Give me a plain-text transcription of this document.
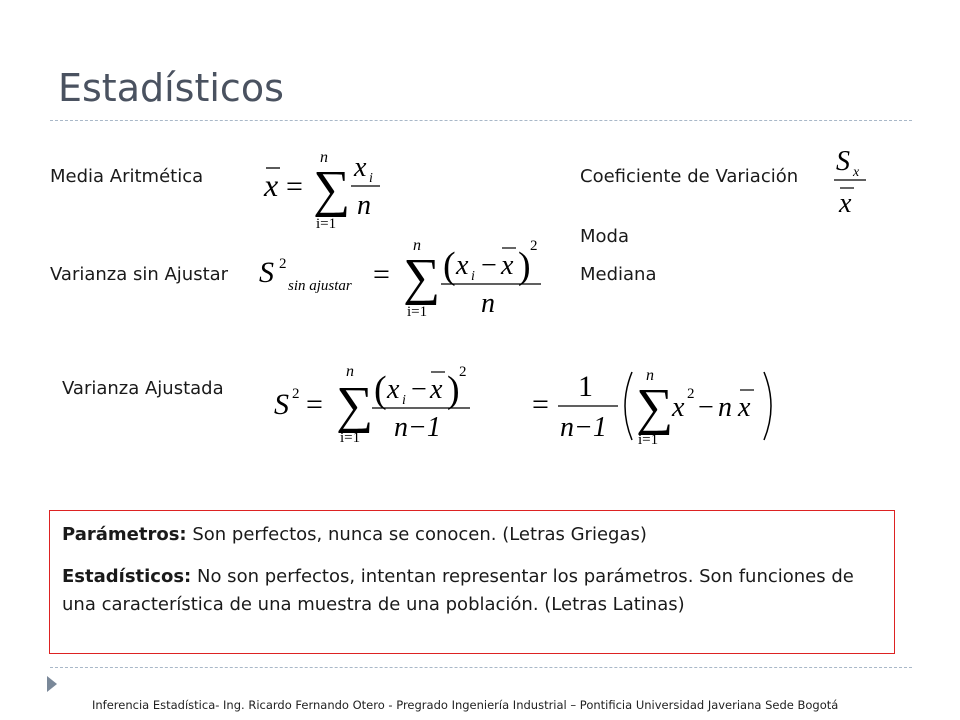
Estadísticos
Media Aritmética	Coeficiente de Variación
Moda
Varianza sin Ajustar	Mediana
Varianza Ajustada
x =
n
∑
i=1
x i
n
S x
x
S 2
sin ajustar =
n
∑
i=1
( x i − x ) 2
n
S 2 =
n
∑
i=1
( x i − x ) 2
n−1
=
1
n−1
n
∑
i=1
x 2 − n x

Parámetros: Son perfectos, nunca se conocen. (Letras Griegas)

Estadísticos: No son perfectos, intentan representar los parámetros. Son funciones de una característica de una muestra de una población. (Letras Latinas)

Inferencia Estadística- Ing. Ricardo Fernando Otero - Pregrado Ingeniería Industrial – Pontificia Universidad Javeriana Sede Bogotá
